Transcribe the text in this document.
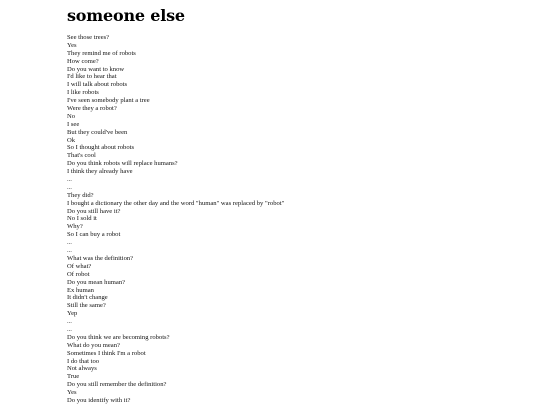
someone else
See those trees?
Yes
They remind me of robots
How come?
Do you want to know
I'd like to hear that
I will talk about robots
I like robots
I've seen somebody plant a tree
Were they a robot?
No
I see
But they could've been
Ok
So I thought about robots
That's cool
Do you think robots will replace humans?
I think they already have
...
...
They did?
I bought a dictionary the other day and the word "human" was replaced by "robot"
Do you still have it?
No I sold it
Why?
So I can buy a robot
...
...
What was the definition?
Of what?
Of robot
Do you mean human?
Ex human
It didn't change
Still the same?
Yep
...
...
Do you think we are becoming robots?
What do you mean?
Sometimes I think I'm a robot
I do that too
Not always
True
Do you still remember the definition?
Yes
Do you identify with it?
